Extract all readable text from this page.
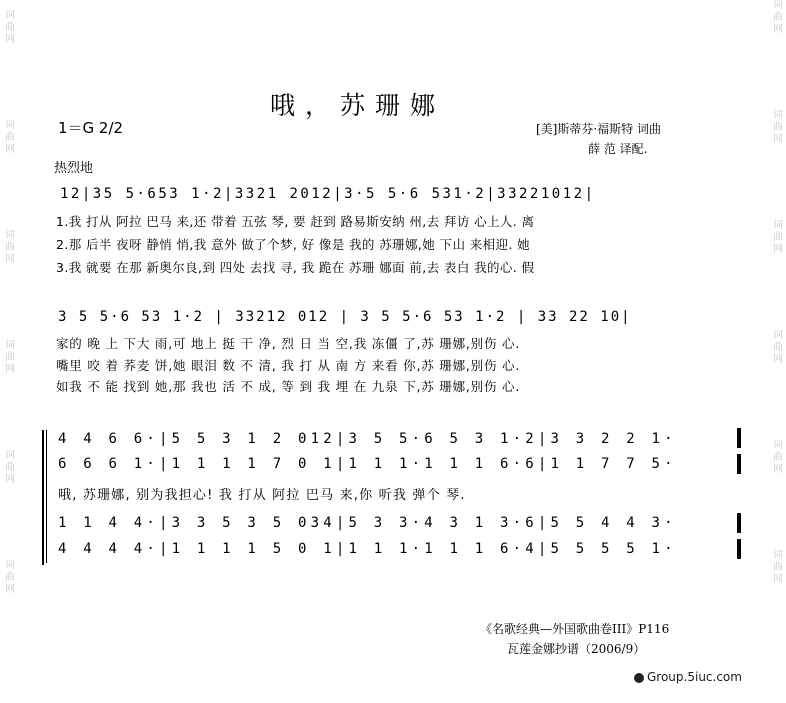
词曲网
词曲网
词曲网
词曲网
词曲网
词曲网
词曲网
词曲网
词曲网
词曲网
词曲网
词曲网
哦，苏珊娜
1＝G 2/2	[美]斯蒂芬·福斯特 词曲
薛 范 译配.
热烈地
12|35 5·653 1·2|3321 2012|3·5 5·6 531·2|33221012|
1.我 打从 阿拉 巴马 来,还 带着 五弦 琴, 要 赶到 路易斯安纳 州,去 拜访 心上人. 离
2.那 后半 夜呀 静悄 悄,我 意外 做了个梦, 好 像是 我的 苏珊娜,她 下山 来相迎. 她
3.我 就要 在那 新奥尔良,到 四处 去找 寻, 我 跪在 苏珊 娜面 前,去 表白 我的心. 假
3 5 5·6 53 1·2 | 33212 012 | 3 5 5·6 53 1·2 | 33 22 10|
家的 晚 上 下大 雨,可 地上 挺 干 净, 烈 日 当 空,我 冻僵 了,苏 珊娜,别伤 心.
嘴里 咬 着 荞麦 饼,她 眼泪 数 不 清, 我 打 从 南 方 来看 你,苏 珊娜,别伤 心.
如我 不 能 找到 她,那 我也 活 不 成, 等 到 我 埋 在 九泉 下,苏 珊娜,别伤 心.
4 4 6 6·|5 5 3 1 2 012|3 5 5·6 5 3 1·2|3 3 2 2 1·
6 6 6 1·|1 1 1 1 7 0 1|1 1 1·1 1 1 6·6|1 1 7 7 5·
哦, 苏珊娜, 别为我担心! 我 打从 阿拉 巴马 来,你 听我 弹个 琴.
1 1 4 4·|3 3 5 3 5 034|5 3 3·4 3 1 3·6|5 5 4 4 3·
4 4 4 4·|1 1 1 1 5 0 1|1 1 1·1 1 1 6·4|5 5 5 5 1·
《名歌经典—外国歌曲卷III》P116
瓦莲金娜抄谱（2006/9）
Group.5iuc.com
